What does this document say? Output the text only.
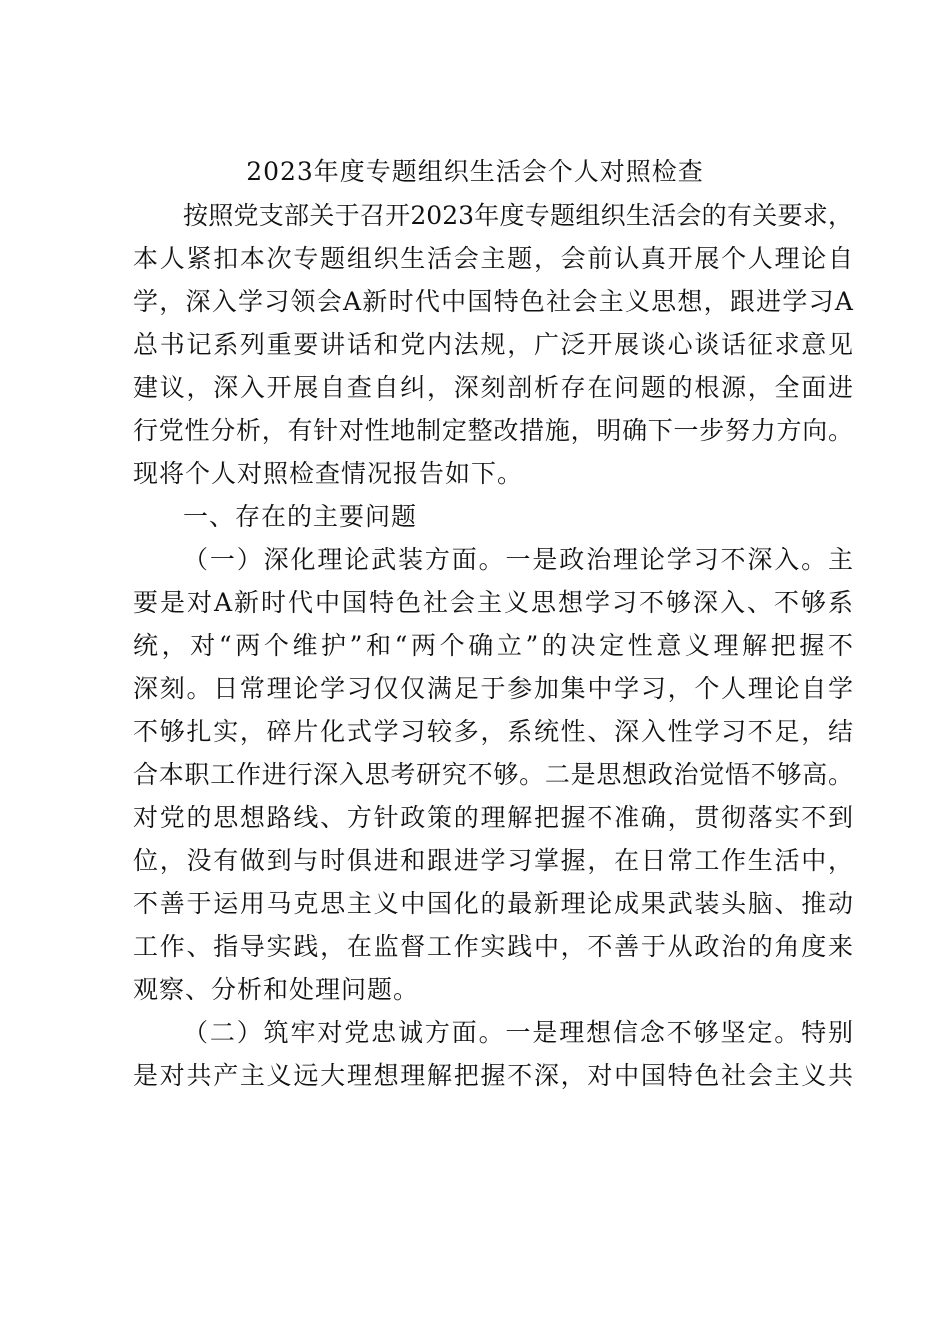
2023年度专题组织生活会个人对照检查
按照党支部关于召开2023年度专题组织生活会的有关要求，
本人紧扣本次专题组织生活会主题，会前认真开展个人理论自
学，深入学习领会A新时代中国特色社会主义思想，跟进学习A
总书记系列重要讲话和党内法规，广泛开展谈心谈话征求意见
建议，深入开展自查自纠，深刻剖析存在问题的根源，全面进
行党性分析，有针对性地制定整改措施，明确下一步努力方向。
现将个人对照检查情况报告如下。
一、存在的主要问题
（一）深化理论武装方面。一是政治理论学习不深入。主
要是对A新时代中国特色社会主义思想学习不够深入、不够系
统，对“两个维护”和“两个确立”的决定性意义理解把握不
深刻。日常理论学习仅仅满足于参加集中学习，个人理论自学
不够扎实，碎片化式学习较多，系统性、深入性学习不足，结
合本职工作进行深入思考研究不够。二是思想政治觉悟不够高。
对党的思想路线、方针政策的理解把握不准确，贯彻落实不到
位，没有做到与时俱进和跟进学习掌握，在日常工作生活中，
不善于运用马克思主义中国化的最新理论成果武装头脑、推动
工作、指导实践，在监督工作实践中，不善于从政治的角度来
观察、分析和处理问题。
（二）筑牢对党忠诚方面。一是理想信念不够坚定。特别
是对共产主义远大理想理解把握不深，对中国特色社会主义共
